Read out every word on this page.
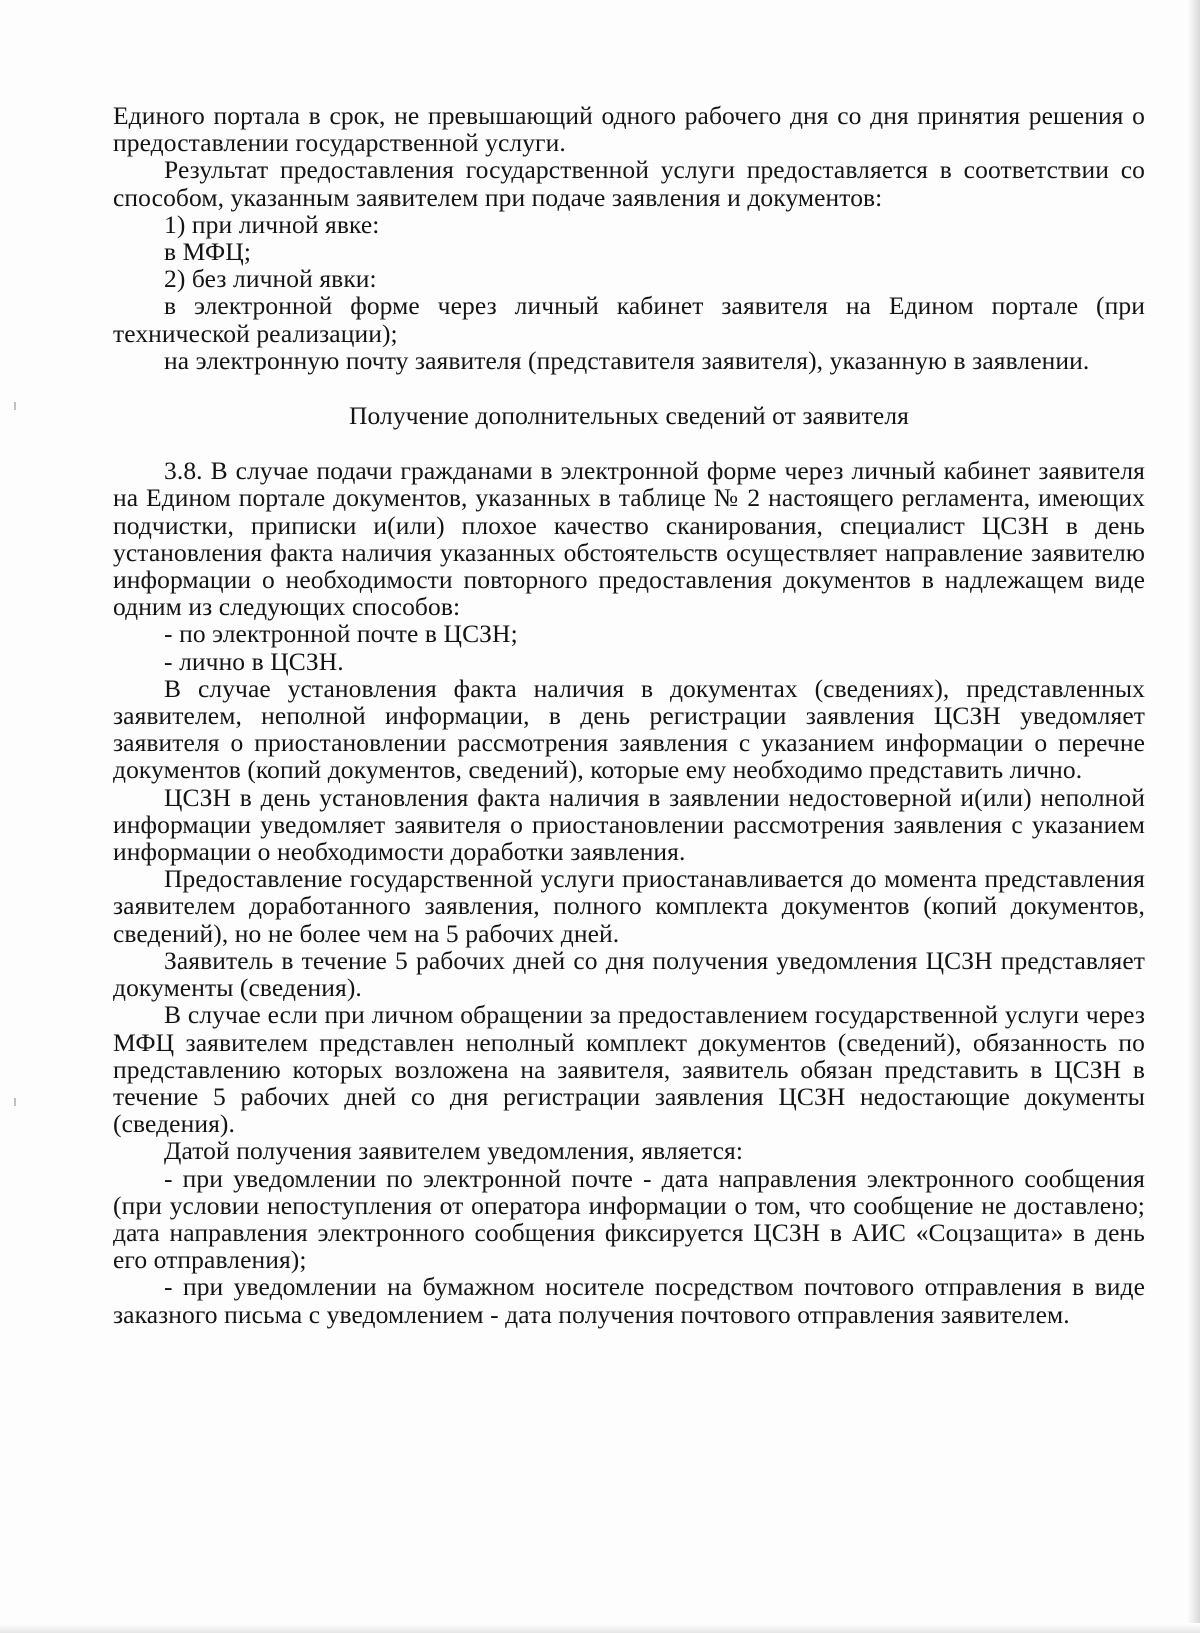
Единого портала в срок, не превышающий одного рабочего дня со дня принятия решения о предоставлении государственной услуги.

Результат предоставления государственной услуги предоставляется в соответствии со способом, указанным заявителем при подаче заявления и документов:

1) при личной явке:

в МФЦ;

2) без личной явки:

в электронной форме через личный кабинет заявителя на Едином портале (при технической реализации);

на электронную почту заявителя (представителя заявителя), указанную в заявлении.

Получение дополнительных сведений от заявителя

3.8. В случае подачи гражданами в электронной форме через личный кабинет заявителя на Едином портале документов, указанных в таблице № 2 настоящего регламента, имеющих подчистки, приписки и(или) плохое качество сканирования, специалист ЦСЗН в день установления факта наличия указанных обстоятельств осуществляет направление заявителю информации о необходимости повторного предоставления документов в надлежащем виде одним из следующих способов:

- по электронной почте в ЦСЗН;

- лично в ЦСЗН.

В случае установления факта наличия в документах (сведениях), представленных заявителем, неполной информации, в день регистрации заявления ЦСЗН уведомляет заявителя о приостановлении рассмотрения заявления с указанием информации о перечне документов (копий документов, сведений), которые ему необходимо представить лично.

ЦСЗН в день установления факта наличия в заявлении недостоверной и(или) неполной информации уведомляет заявителя о приостановлении рассмотрения заявления с указанием информации о необходимости доработки заявления.

Предоставление государственной услуги приостанавливается до момента представления заявителем доработанного заявления, полного комплекта документов (копий документов, сведений), но не более чем на 5 рабочих дней.

Заявитель в течение 5 рабочих дней со дня получения уведомления ЦСЗН представляет документы (сведения).

В случае если при личном обращении за предоставлением государственной услуги через МФЦ заявителем представлен неполный комплект документов (сведений), обязанность по представлению которых возложена на заявителя, заявитель обязан представить в ЦСЗН в течение 5 рабочих дней со дня регистрации заявления ЦСЗН недостающие документы (сведения).

Датой получения заявителем уведомления, является:

- при уведомлении по электронной почте - дата направления электронного сообщения (при условии непоступления от оператора информации о том, что сообщение не доставлено; дата направления электронного сообщения фиксируется ЦСЗН в АИС «Соцзащита» в день его отправления);

- при уведомлении на бумажном носителе посредством почтового отправления в виде заказного письма с уведомлением - дата получения почтового отправления заявителем.
